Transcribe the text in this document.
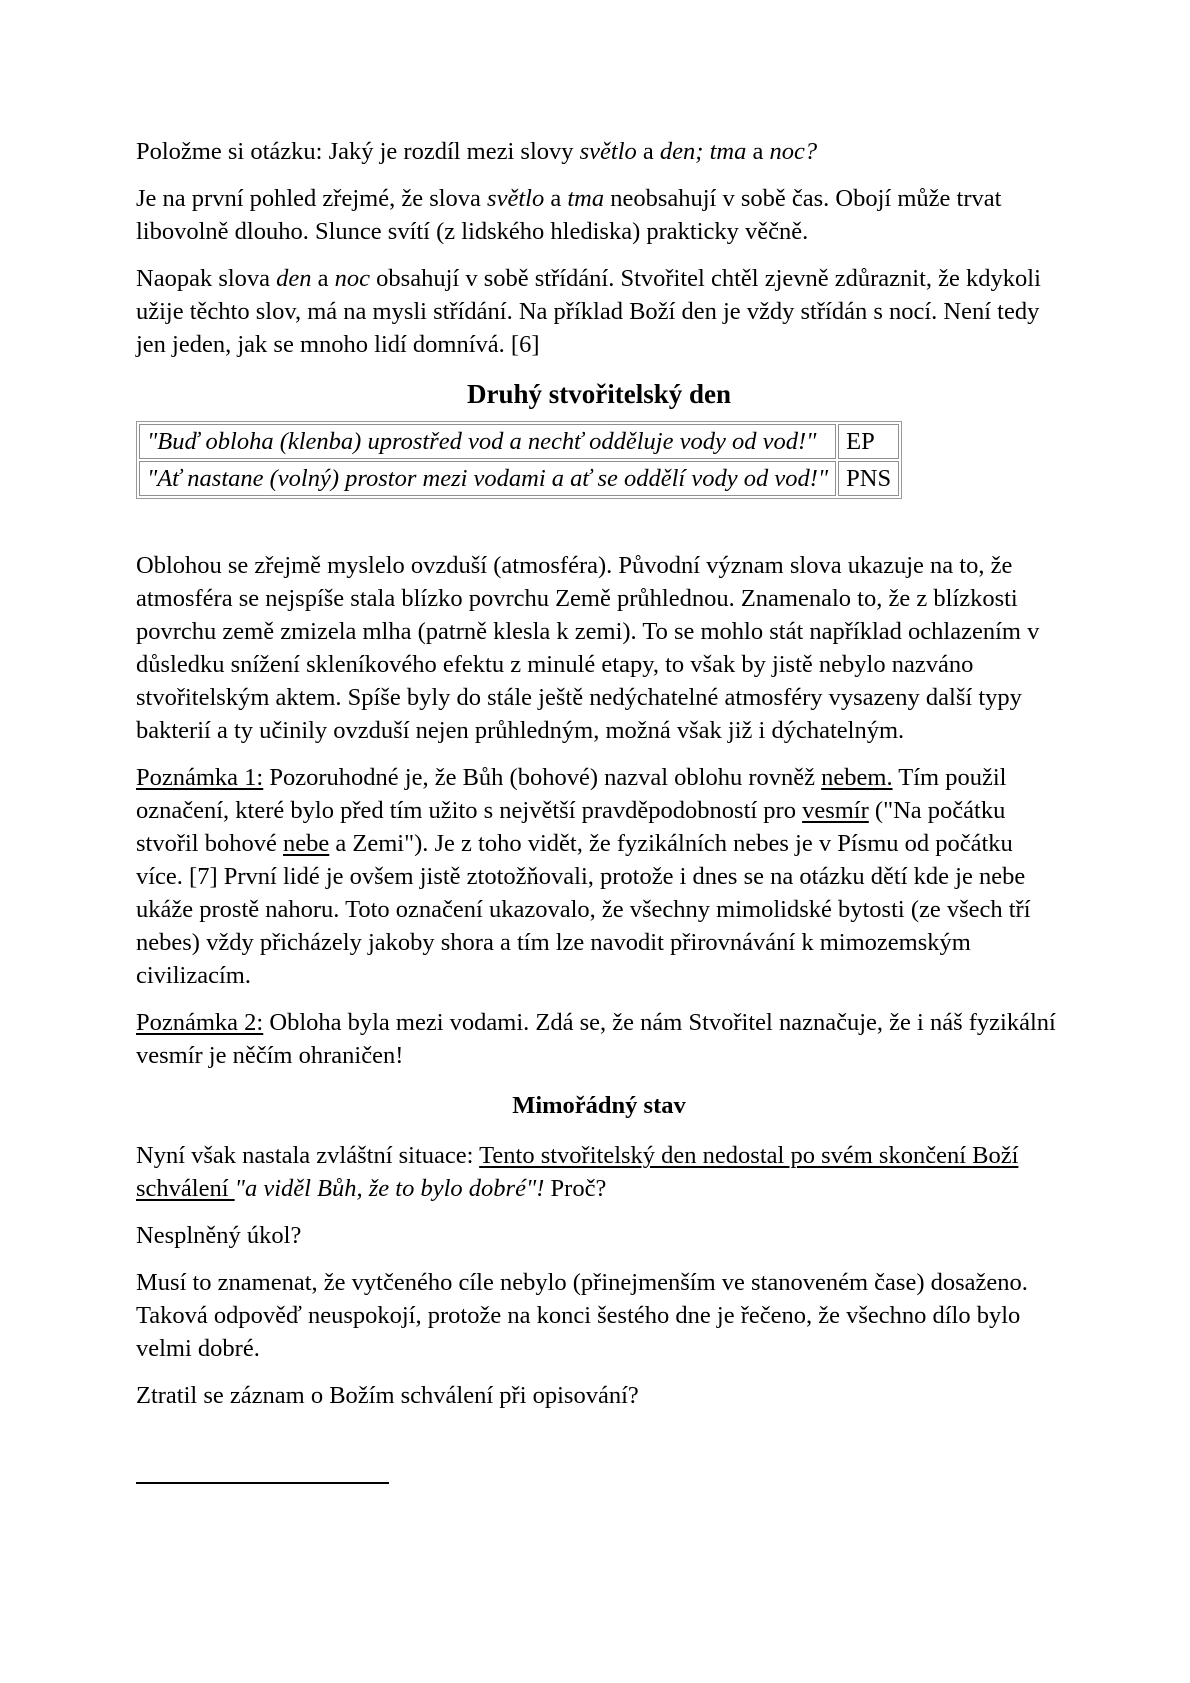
Položme si otázku: Jaký je rozdíl mezi slovy světlo a den; tma a noc?

Je na první pohled zřejmé, že slova světlo a tma neobsahují v sobě čas. Obojí může trvat libovolně dlouho. Slunce svítí (z lidského hlediska) prakticky věčně.

Naopak slova den a noc obsahují v sobě střídání. Stvořitel chtěl zjevně zdůraznit, že kdykoli užije těchto slov, má na mysli střídání. Na příklad Boží den je vždy střídán s nocí. Není tedy jen jeden, jak se mnoho lidí domnívá. [6]

Druhý stvořitelský den
"Buď obloha (klenba) uprostřed vod a nechť odděluje vody od vod!"	EP
"Ať nastane (volný) prostor mezi vodami a ať se oddělí vody od vod!"	PNS

Oblohou se zřejmě myslelo ovzduší (atmosféra). Původní význam slova ukazuje na to, že atmosféra se nejspíše stala blízko povrchu Země průhlednou. Znamenalo to, že z blízkosti povrchu země zmizela mlha (patrně klesla k zemi). To se mohlo stát například ochlazením v důsledku snížení skleníkového efektu z minulé etapy, to však by jistě nebylo nazváno stvořitelským aktem. Spíše byly do stále ještě nedýchatelné atmosféry vysazeny další typy bakterií a ty učinily ovzduší nejen průhledným, možná však již i dýchatelným.

Poznámka 1: Pozoruhodné je, že Bůh (bohové) nazval oblohu rovněž nebem. Tím použil označení, které bylo před tím užito s největší pravděpodobností pro vesmír ("Na počátku stvořil bohové nebe a Zemi"). Je z toho vidět, že fyzikálních nebes je v Písmu od počátku více. [7] První lidé je ovšem jistě ztotožňovali, protože i dnes se na otázku dětí kde je nebe ukáže prostě nahoru. Toto označení ukazovalo, že všechny mimolidské bytosti (ze všech tří nebes) vždy přicházely jakoby shora a tím lze navodit přirovnávání k mimozemským civilizacím.

Poznámka 2: Obloha byla mezi vodami. Zdá se, že nám Stvořitel naznačuje, že i náš fyzikální vesmír je něčím ohraničen!

Mimořádný stav

Nyní však nastala zvláštní situace: Tento stvořitelský den nedostal po svém skončení Boží schválení "a viděl Bůh, že to bylo dobré"! Proč?

Nesplněný úkol?

Musí to znamenat, že vytčeného cíle nebylo (přinejmenším ve stanoveném čase) dosaženo. Taková odpověď neuspokojí, protože na konci šestého dne je řečeno, že všechno dílo bylo velmi dobré.

Ztratil se záznam o Božím schválení při opisování?
